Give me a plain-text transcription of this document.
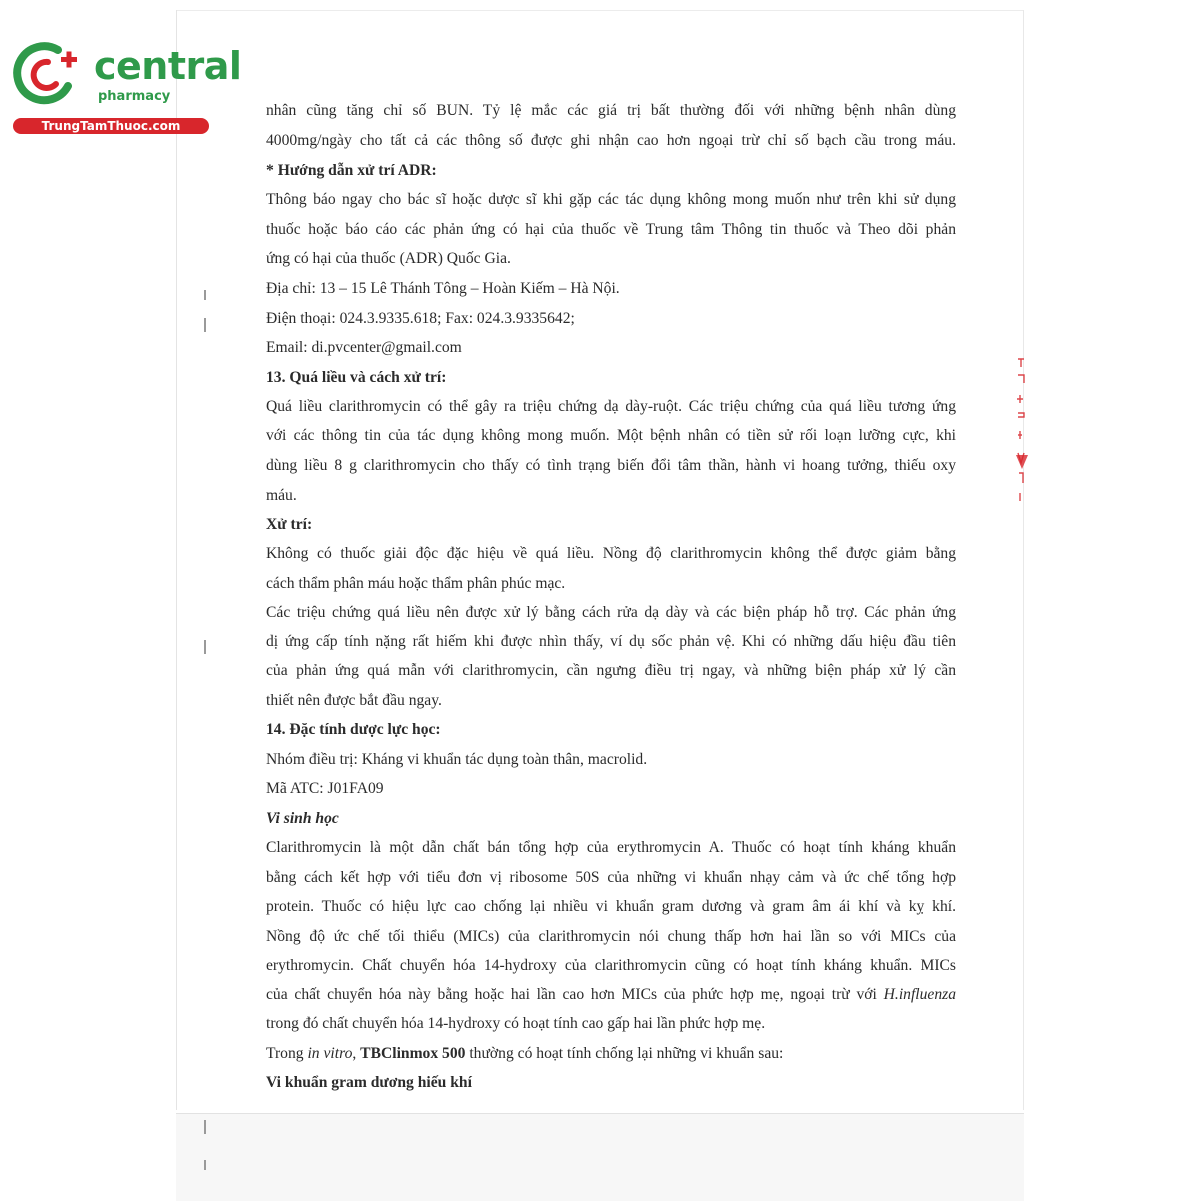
central
pharmacy
TrungTamThuoc.com

nhân cũng tăng chỉ số BUN. Tỷ lệ mắc các giá trị bất thường đối với những bệnh nhân dùng

4000mg/ngày cho tất cả các thông số được ghi nhận cao hơn ngoại trừ chỉ số bạch cầu trong máu.

* Hướng dẫn xử trí ADR:

Thông báo ngay cho bác sĩ hoặc dược sĩ khi gặp các tác dụng không mong muốn như trên khi sử dụng

thuốc hoặc báo cáo các phản ứng có hại của thuốc về Trung tâm Thông tin thuốc và Theo dõi phản

ứng có hại của thuốc (ADR) Quốc Gia.

Địa chỉ: 13 – 15 Lê Thánh Tông – Hoàn Kiếm – Hà Nội.

Điện thoại: 024.3.9335.618; Fax: 024.3.9335642;

Email: di.pvcenter@gmail.com

13. Quá liều và cách xử trí:

Quá liều clarithromycin có thể gây ra triệu chứng dạ dày-ruột. Các triệu chứng của quá liều tương ứng

với các thông tin của tác dụng không mong muốn. Một bệnh nhân có tiền sử rối loạn lưỡng cực, khi

dùng liều 8 g clarithromycin cho thấy có tình trạng biến đổi tâm thần, hành vi hoang tưởng, thiếu oxy

máu.

Xử trí:

Không có thuốc giải độc đặc hiệu về quá liều. Nồng độ clarithromycin không thể được giảm bằng

cách thẩm phân máu hoặc thẩm phân phúc mạc.

Các triệu chứng quá liều nên được xử lý bằng cách rửa dạ dày và các biện pháp hỗ trợ. Các phản ứng

dị ứng cấp tính nặng rất hiếm khi được nhìn thấy, ví dụ sốc phản vệ. Khi có những dấu hiệu đầu tiên

của phản ứng quá mẫn với clarithromycin, cần ngưng điều trị ngay, và những biện pháp xử lý cần

thiết nên được bắt đầu ngay.

14. Đặc tính dược lực học:

Nhóm điều trị: Kháng vi khuẩn tác dụng toàn thân, macrolid.

Mã ATC: J01FA09

Vi sinh học

Clarithromycin là một dẫn chất bán tổng hợp của erythromycin A. Thuốc có hoạt tính kháng khuẩn

bằng cách kết hợp với tiểu đơn vị ribosome 50S của những vi khuẩn nhạy cảm và ức chế tổng hợp

protein. Thuốc có hiệu lực cao chống lại nhiều vi khuẩn gram dương và gram âm ái khí và kỵ khí.

Nồng độ ức chế tối thiểu (MICs) của clarithromycin nói chung thấp hơn hai lần so với MICs của

erythromycin. Chất chuyển hóa 14-hydroxy của clarithromycin cũng có hoạt tính kháng khuẩn. MICs

của chất chuyển hóa này bằng hoặc hai lần cao hơn MICs của phức hợp mẹ, ngoại trừ với H.influenza

trong đó chất chuyển hóa 14-hydroxy có hoạt tính cao gấp hai lần phức hợp mẹ.

Trong in vitro, TBClinmox 500 thường có hoạt tính chống lại những vi khuẩn sau:

Vi khuẩn gram dương hiếu khí
